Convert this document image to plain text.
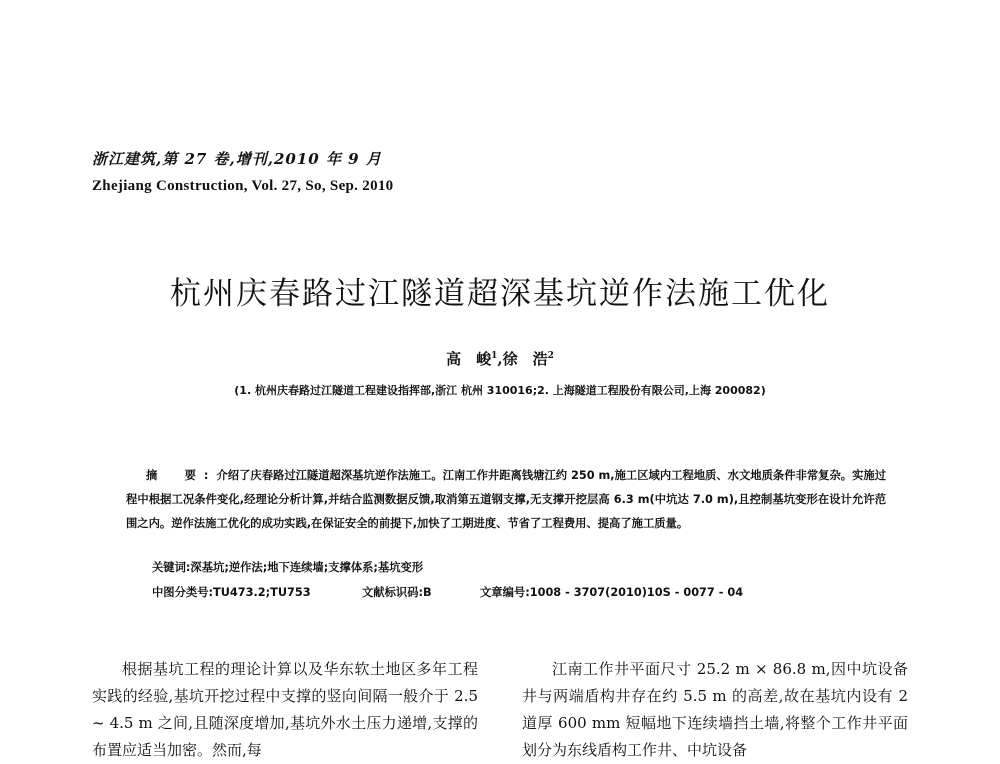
浙江建筑,第 27 卷,增刊,2010 年 9 月
Zhejiang Construction, Vol. 27, So, Sep. 2010
杭州庆春路过江隧道超深基坑逆作法施工优化
高　峻$^1$,徐　浩$^2$
(1. 杭州庆春路过江隧道工程建设指挥部,浙江 杭州 310016;2. 上海隧道工程股份有限公司,上海 200082)
摘　要:介绍了庆春路过江隧道超深基坑逆作法施工。江南工作井距离钱塘江约 250 m,施工区域内工程地质、水文地质条件非常复杂。实施过程中根据工况条件变化,经理论分析计算,并结合监测数据反馈,取消第五道钢支撑,无支撑开挖层高 6.3 m(中坑达 7.0 m),且控制基坑变形在设计允许范围之内。逆作法施工优化的成功实践,在保证安全的前提下,加快了工期进度、节省了工程费用、提高了施工质量。
关键词:深基坑;逆作法;地下连续墙;支撑体系;基坑变形
中图分类号:TU473.2;TU753	文献标识码:B	文章编号:1008 - 3707(2010)10S - 0077 - 04

根据基坑工程的理论计算以及华东软土地区多年工程实践的经验,基坑开挖过程中支撑的竖向间隔一般介于 2.5 ~ 4.5 m 之间,且随深度增加,基坑外水土压力递增,支撑的布置应适当加密。然而,每

江南工作井平面尺寸 25.2 m × 86.8 m,因中坑设备井与两端盾构井存在约 5.5 m 的高差,故在基坑内设有 2 道厚 600 mm 短幅地下连续墙挡土墙,将整个工作井平面划分为东线盾构工作井、中坑设备
